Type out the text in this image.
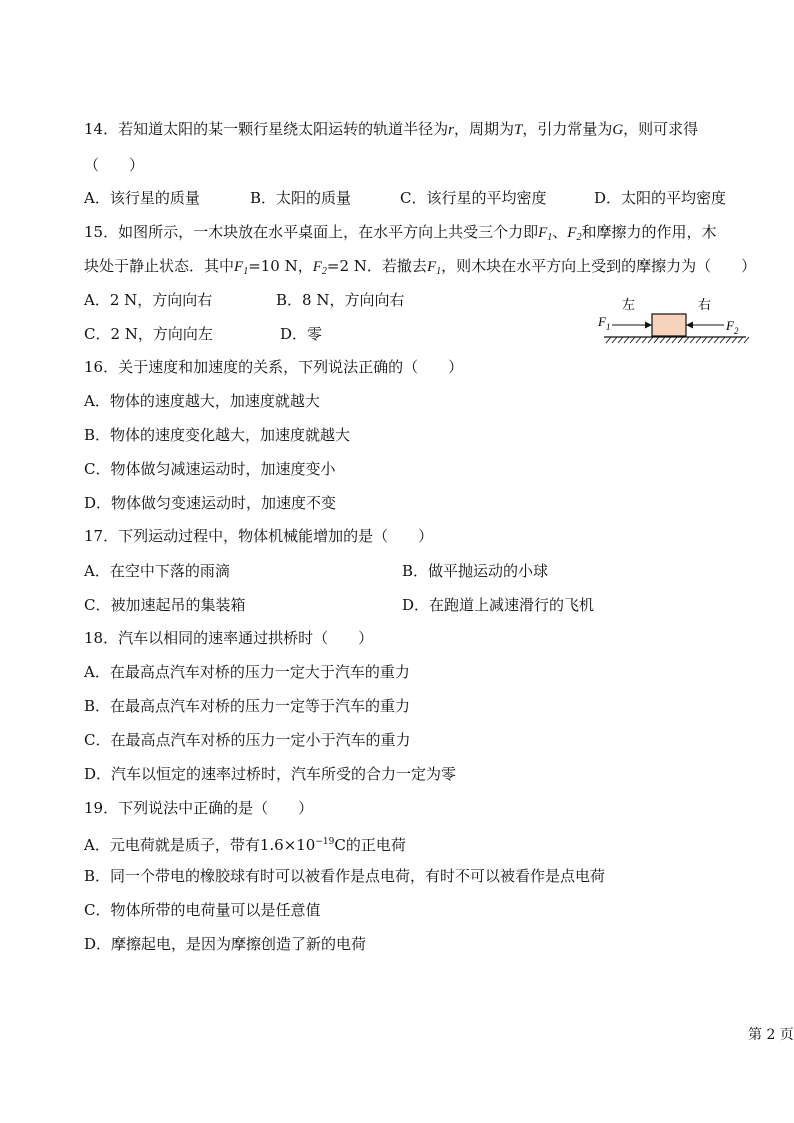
14．若知道太阳的某一颗行星绕太阳运转的轨道半径为r，周期为T，引力常量为G，则可求得
（　　）
A．该行星的质量	B．太阳的质量	C．该行星的平均密度	D．太阳的平均密度
15．如图所示，一木块放在水平桌面上，在水平方向上共受三个力即$F_1$、$F_2$和摩擦力的作用，木
块处于静止状态．其中$F_1=10$ N，$F_2=2$ N．若撤去$F_1$，则木块在水平方向上受到的摩擦力为（　　）
A．2 N，方向向右	B．8 N，方向向右
C．2 N，方向向左	D．零
左	右
$F_1$	$F_2$
16．关于速度和加速度的关系，下列说法正确的（　　）
A．物体的速度越大，加速度就越大
B．物体的速度变化越大，加速度就越大
C．物体做匀减速运动时，加速度变小
D．物体做匀变速运动时，加速度不变
17．下列运动过程中，物体机械能增加的是（　　）
A．在空中下落的雨滴	B．做平抛运动的小球
C．被加速起吊的集装箱	D．在跑道上减速滑行的飞机
18．汽车以相同的速率通过拱桥时（　　）
A．在最高点汽车对桥的压力一定大于汽车的重力
B．在最高点汽车对桥的压力一定等于汽车的重力
C．在最高点汽车对桥的压力一定小于汽车的重力
D．汽车以恒定的速率过桥时，汽车所受的合力一定为零
19．下列说法中正确的是（　　）
A．元电荷就是质子，带有$1.6\times 10^{-19}C$的正电荷
B．同一个带电的橡胶球有时可以被看作是点电荷，有时不可以被看作是点电荷
C．物体所带的电荷量可以是任意值
D．摩擦起电，是因为摩擦创造了新的电荷
第 2 页
